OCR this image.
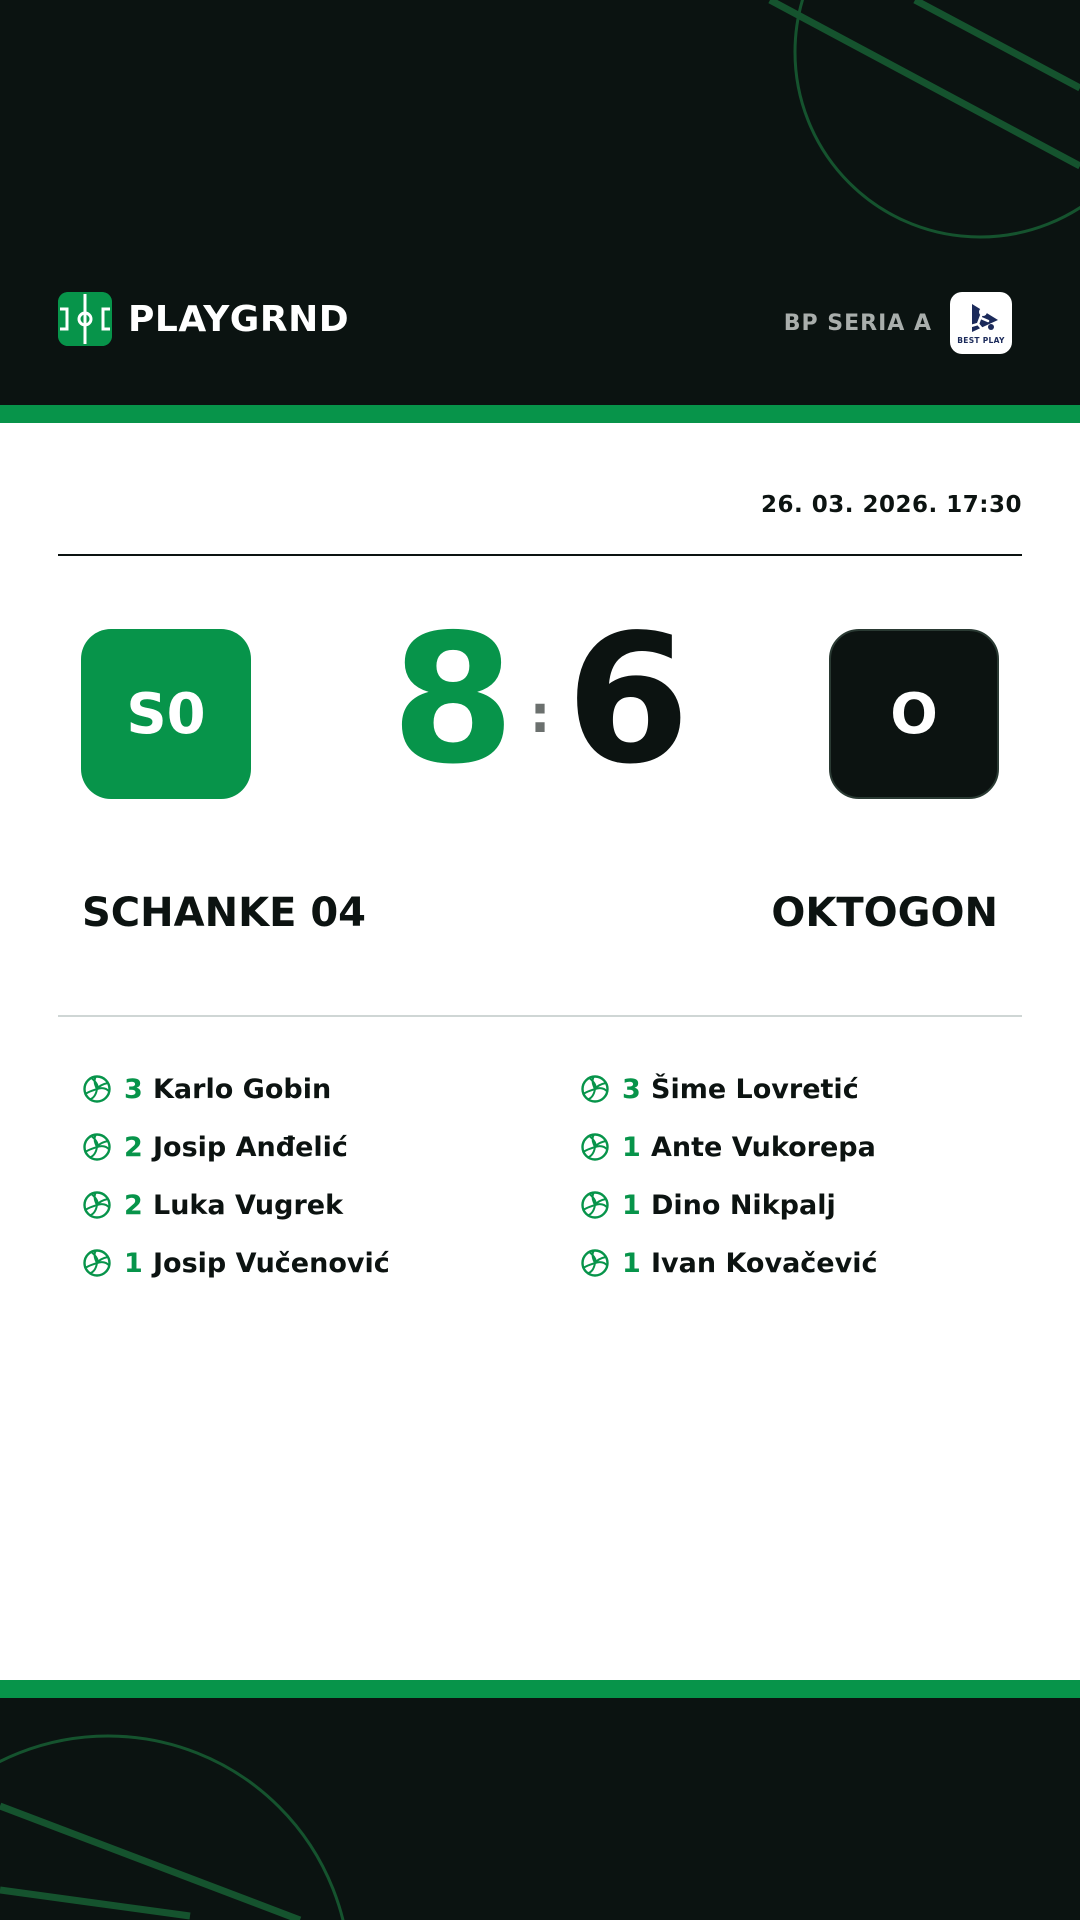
PLAYGRND	BP SERIA A
BEST PLAY
26. 03. 2026. 17:30
S0 8 : 6	O
SCHANKE 04	OKTOGON
3 Karlo Gobin
2 Josip Anđelić
2 Luka Vugrek
1 Josip Vučenović
3 Šime Lovretić
1 Ante Vukorepa
1 Dino Nikpalj
1 Ivan Kovačević
